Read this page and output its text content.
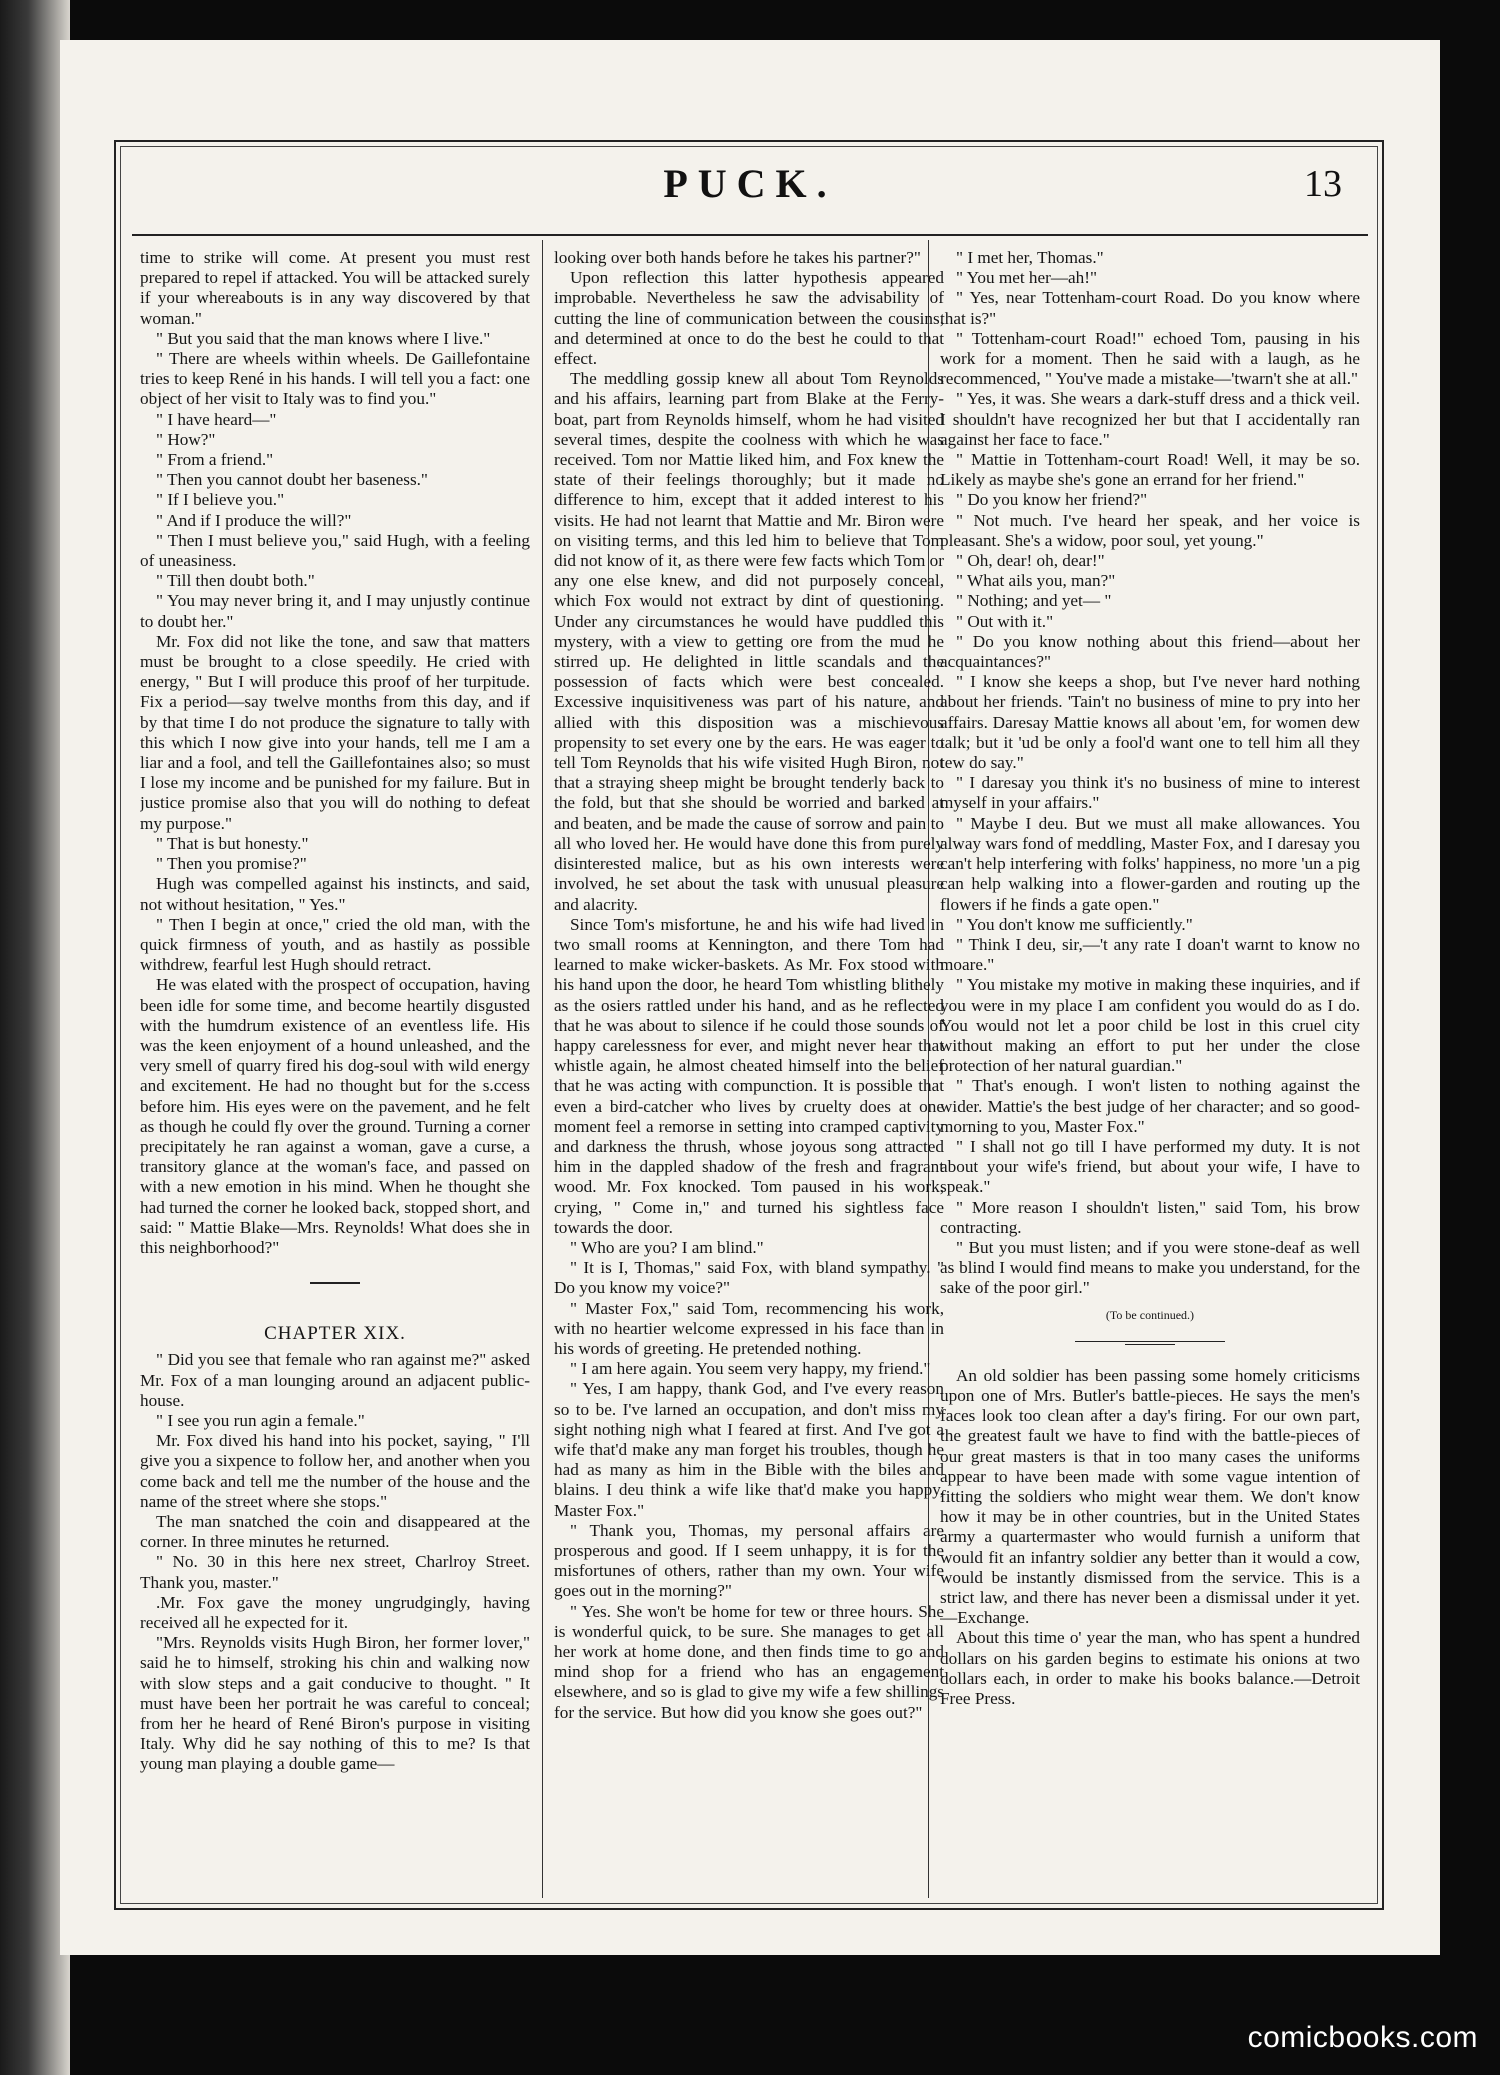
PUCK.	13

time to strike will come. At present you must rest prepared to repel if attacked. You will be attacked surely if your whereabouts is in any way discovered by that woman."

" But you said that the man knows where I live."

" There are wheels within wheels. De Gaillefontaine tries to keep René in his hands. I will tell you a fact: one object of her visit to Italy was to find you."

" I have heard—"

" How?"

" From a friend."

" Then you cannot doubt her baseness."

" If I believe you."

" And if I produce the will?"

" Then I must believe you," said Hugh, with a feeling of uneasiness.

" Till then doubt both."

" You may never bring it, and I may unjustly continue to doubt her."

Mr. Fox did not like the tone, and saw that matters must be brought to a close speedily. He cried with energy, " But I will produce this proof of her turpitude. Fix a period—say twelve months from this day, and if by that time I do not produce the signature to tally with this which I now give into your hands, tell me I am a liar and a fool, and tell the Gaillefontaines also; so must I lose my income and be punished for my failure. But in justice promise also that you will do nothing to defeat my purpose."

" That is but honesty."

" Then you promise?"

Hugh was compelled against his instincts, and said, not without hesitation, " Yes."

" Then I begin at once," cried the old man, with the quick firmness of youth, and as hastily as possible withdrew, fearful lest Hugh should retract.

He was elated with the prospect of occupation, having been idle for some time, and become heartily disgusted with the humdrum existence of an eventless life. His was the keen enjoyment of a hound unleashed, and the very smell of quarry fired his dog-soul with wild energy and excitement. He had no thought but for the s.ccess before him. His eyes were on the pavement, and he felt as though he could fly over the ground. Turning a corner precipitately he ran against a woman, gave a curse, a transitory glance at the woman's face, and passed on with a new emotion in his mind. When he thought she had turned the corner he looked back, stopped short, and said: " Mattie Blake—Mrs. Reynolds! What does she in this neighborhood?"

CHAPTER XIX.

" Did you see that female who ran against me?" asked Mr. Fox of a man lounging around an adjacent public-house.

" I see you run agin a female."

Mr. Fox dived his hand into his pocket, saying, " I'll give you a sixpence to follow her, and another when you come back and tell me the number of the house and the name of the street where she stops."

The man snatched the coin and disappeared at the corner. In three minutes he returned.

" No. 30 in this here nex street, Charlroy Street. Thank you, master."

.Mr. Fox gave the money ungrudgingly, having received all he expected for it.

"Mrs. Reynolds visits Hugh Biron, her former lover," said he to himself, stroking his chin and walking now with slow steps and a gait conducive to thought. " It must have been her portrait he was careful to conceal; from her he heard of René Biron's purpose in visiting Italy. Why did he say nothing of this to me? Is that young man playing a double game—

looking over both hands before he takes his partner?"

Upon reflection this latter hypothesis appeared improbable. Nevertheless he saw the advisability of cutting the line of communication between the cousins, and determined at once to do the best he could to that effect.

The meddling gossip knew all about Tom Reynolds and his affairs, learning part from Blake at the Ferry-boat, part from Reynolds himself, whom he had visited several times, despite the coolness with which he was received. Tom nor Mattie liked him, and Fox knew the state of their feelings thoroughly; but it made no difference to him, except that it added interest to his visits. He had not learnt that Mattie and Mr. Biron were on visiting terms, and this led him to believe that Tom did not know of it, as there were few facts which Tom or any one else knew, and did not purposely conceal, which Fox would not extract by dint of questioning. Under any circumstances he would have puddled this mystery, with a view to getting ore from the mud he stirred up. He delighted in little scandals and the possession of facts which were best concealed. Excessive inquisitiveness was part of his nature, and allied with this disposition was a mischievous propensity to set every one by the ears. He was eager to tell Tom Reynolds that his wife visited Hugh Biron, not that a straying sheep might be brought tenderly back to the fold, but that she should be worried and barked at and beaten, and be made the cause of sorrow and pain to all who loved her. He would have done this from purely disinterested malice, but as his own interests were involved, he set about the task with unusual pleasure and alacrity.

Since Tom's misfortune, he and his wife had lived in two small rooms at Kennington, and there Tom had learned to make wicker-baskets. As Mr. Fox stood with his hand upon the door, he heard Tom whistling blithely as the osiers rattled under his hand, and as he reflected that he was about to silence if he could those sounds of happy carelessness for ever, and might never hear that whistle again, he almost cheated himself into the belief that he was acting with compunction. It is possible that even a bird-catcher who lives by cruelty does at one moment feel a remorse in setting into cramped captivity and darkness the thrush, whose joyous song attracted him in the dappled shadow of the fresh and fragrant wood. Mr. Fox knocked. Tom paused in his work, crying, " Come in," and turned his sightless face towards the door.

" Who are you? I am blind."

" It is I, Thomas," said Fox, with bland sympathy. " Do you know my voice?"

" Master Fox," said Tom, recommencing his work, with no heartier welcome expressed in his face than in his words of greeting. He pretended nothing.

" I am here again. You seem very happy, my friend."

" Yes, I am happy, thank God, and I've every reason so to be. I've larned an occupation, and don't miss my sight nothing nigh what I feared at first. And I've got a wife that'd make any man forget his troubles, though he had as many as him in the Bible with the biles and blains. I deu think a wife like that'd make you happy, Master Fox."

" Thank you, Thomas, my personal affairs are prosperous and good. If I seem unhappy, it is for the misfortunes of others, rather than my own. Your wife goes out in the morning?"

" Yes. She won't be home for tew or three hours. She is wonderful quick, to be sure. She manages to get all her work at home done, and then finds time to go and mind shop for a friend who has an engagement elsewhere, and so is glad to give my wife a few shillings for the service. But how did you know she goes out?"

" I met her, Thomas."

" You met her—ah!"

" Yes, near Tottenham-court Road. Do you know where that is?"

" Tottenham-court Road!" echoed Tom, pausing in his work for a moment. Then he said with a laugh, as he recommenced, " You've made a mistake—'twarn't she at all."

" Yes, it was. She wears a dark-stuff dress and a thick veil. I shouldn't have recognized her but that I accidentally ran against her face to face."

" Mattie in Tottenham-court Road! Well, it may be so. Likely as maybe she's gone an errand for her friend."

" Do you know her friend?"

" Not much. I've heard her speak, and her voice is pleasant. She's a widow, poor soul, yet young."

" Oh, dear! oh, dear!"

" What ails you, man?"

" Nothing; and yet— "

" Out with it."

" Do you know nothing about this friend—about her acquaintances?"

" I know she keeps a shop, but I've never hard nothing about her friends. 'Tain't no business of mine to pry into her affairs. Daresay Mattie knows all about 'em, for women dew talk; but it 'ud be only a fool'd want one to tell him all they tew do say."

" I daresay you think it's no business of mine to interest myself in your affairs."

" Maybe I deu. But we must all make allowances. You alway wars fond of meddling, Master Fox, and I daresay you can't help interfering with folks' happiness, no more 'un a pig can help walking into a flower-garden and routing up the flowers if he finds a gate open."

" You don't know me sufficiently."

" Think I deu, sir,—'t any rate I doan't warnt to know no moare."

" You mistake my motive in making these inquiries, and if you were in my place I am confident you would do as I do. You would not let a poor child be lost in this cruel city without making an effort to put her under the close protection of her natural guardian."

" That's enough. I won't listen to nothing against the wider. Mattie's the best judge of her character; and so good-morning to you, Master Fox."

" I shall not go till I have performed my duty. It is not about your wife's friend, but about your wife, I have to speak."

" More reason I shouldn't listen," said Tom, his brow contracting.

" But you must listen; and if you were stone-deaf as well as blind I would find means to make you understand, for the sake of the poor girl."

(To be continued.)

An old soldier has been passing some homely criticisms upon one of Mrs. Butler's battle-pieces. He says the men's faces look too clean after a day's firing. For our own part, the greatest fault we have to find with the battle-pieces of our great masters is that in too many cases the uniforms appear to have been made with some vague intention of fitting the soldiers who might wear them. We don't know how it may be in other countries, but in the United States army a quartermaster who would furnish a uniform that would fit an infantry soldier any better than it would a cow, would be instantly dismissed from the service. This is a strict law, and there has never been a dismissal under it yet.—Exchange.

About this time o' year the man, who has spent a hundred dollars on his garden begins to estimate his onions at two dollars each, in order to make his books balance.—Detroit Free Press.

comicbooks.com
